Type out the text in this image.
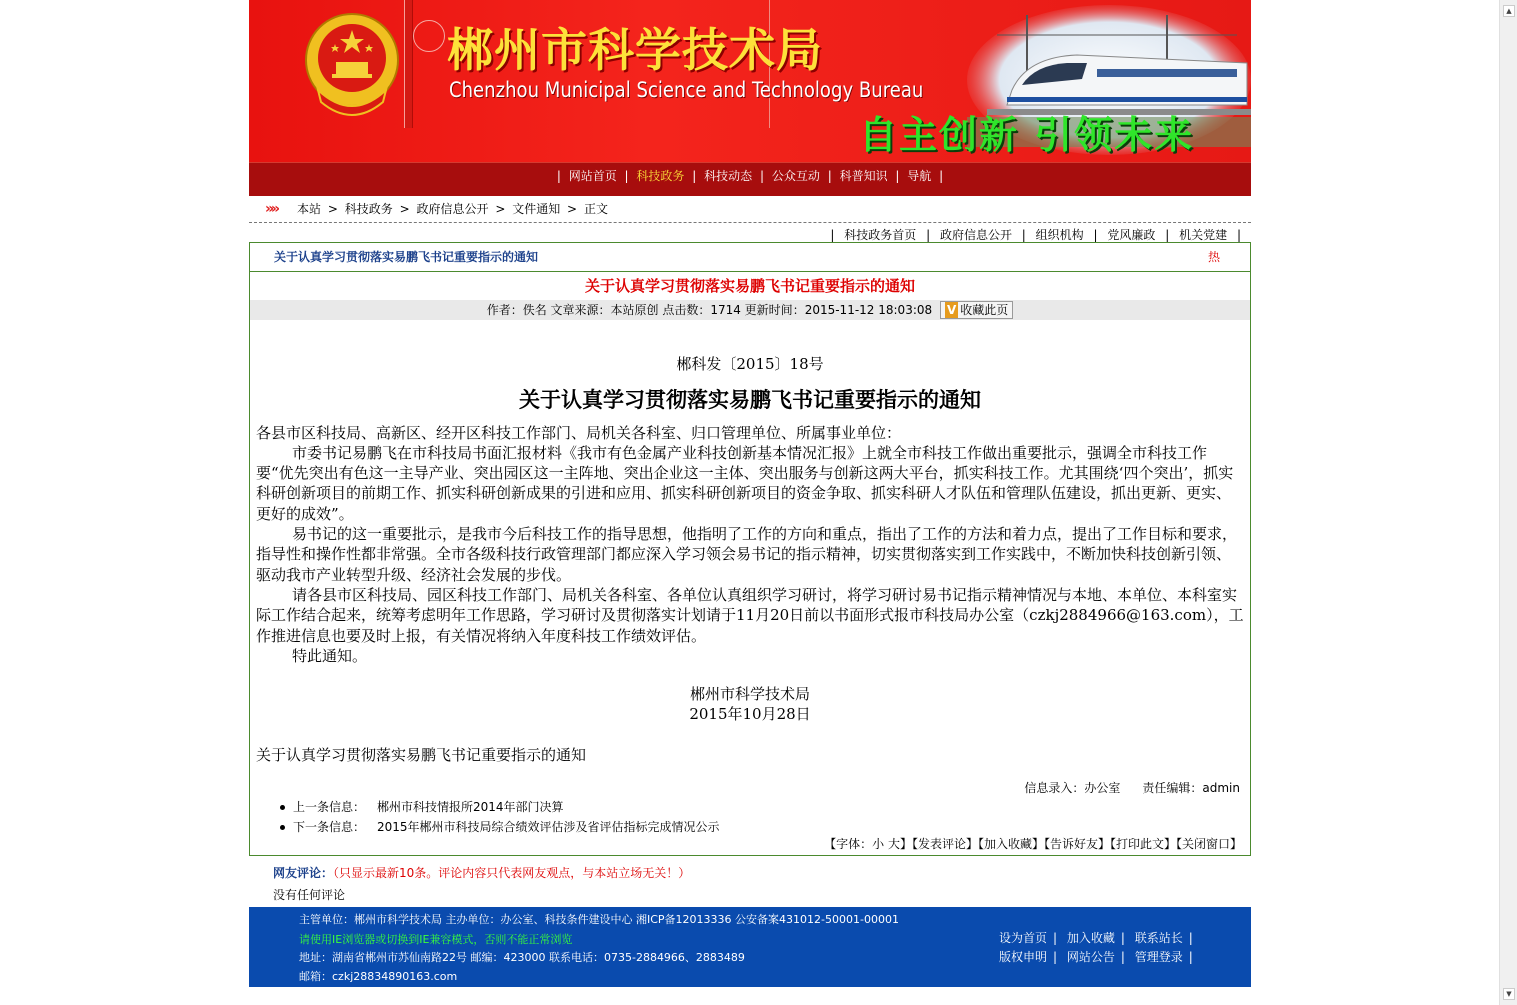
郴州市科学技术局
Chenzhou Municipal Science and Technology Bureau
自主创新 引领未来
| 网站首页 | 科技政务 | 科技动态 | 公众互动 | 科普知识 | 导航 |
»» 本站 > 科技政务 > 政府信息公开 > 文件通知 > 正文
| 科技政务首页 | 政府信息公开 | 组织机构 | 党风廉政 | 机关党建 |
关于认真学习贯彻落实易鹏飞书记重要指示的通知	热
关于认真学习贯彻落实易鹏飞书记重要指示的通知
作者：佚名 文章来源：本站原创 点击数：1714 更新时间：2015-11-12 18:03:08 V 收藏此页
郴科发〔2015〕18号
关于认真学习贯彻落实易鹏飞书记重要指示的通知

各县市区科技局、高新区、经开区科技工作部门、局机关各科室、归口管理单位、所属事业单位：

市委书记易鹏飞在市科技局书面汇报材料《我市有色金属产业科技创新基本情况汇报》上就全市科技工作做出重要批示，强调全市科技工作要“优先突出有色这一主导产业、突出园区这一主阵地、突出企业这一主体、突出服务与创新这两大平台，抓实科技工作。尤其围绕‘四个突出’，抓实科研创新项目的前期工作、抓实科研创新成果的引进和应用、抓实科研创新项目的资金争取、抓实科研人才队伍和管理队伍建设，抓出更新、更实、更好的成效”。

易书记的这一重要批示，是我市今后科技工作的指导思想，他指明了工作的方向和重点，指出了工作的方法和着力点，提出了工作目标和要求，指导性和操作性都非常强。全市各级科技行政管理部门都应深入学习领会易书记的指示精神，切实贯彻落实到工作实践中，不断加快科技创新引领、驱动我市产业转型升级、经济社会发展的步伐。

请各县市区科技局、园区科技工作部门、局机关各科室、各单位认真组织学习研讨，将学习研讨易书记指示精神情况与本地、本单位、本科室实际工作结合起来，统筹考虑明年工作思路，学习研讨及贯彻落实计划请于11月20日前以书面形式报市科技局办公室（czkj2884966@163.com），工作推进信息也要及时上报，有关情况将纳入年度科技工作绩效评估。

特此通知。

郴州市科学技术局
2015年10月28日
关于认真学习贯彻落实易鹏飞书记重要指示的通知
信息录入：办公室 责任编辑：admin
上一条信息： 郴州市科技情报所2014年部门决算
下一条信息： 2015年郴州市科技局综合绩效评估涉及省评估指标完成情况公示
【字体：小 大】【发表评论】【加入收藏】【告诉好友】【打印此文】【关闭窗口】
网友评论：（只显示最新10条。评论内容只代表网友观点，与本站立场无关！）
没有任何评论
主管单位：郴州市科学技术局 主办单位：办公室、科技条件建设中心 湘ICP备12013336 公安备案431012-50001-00001
请使用IE浏览器或切换到IE兼容模式，否则不能正常浏览
地址：湖南省郴州市苏仙南路22号 邮编：423000 联系电话：0735-2884966、2883489
邮箱：czkj28834890163.com
设为首页 | 加入收藏 | 联系站长 |
版权申明 | 网站公告 | 管理登录 |
▲
▼
